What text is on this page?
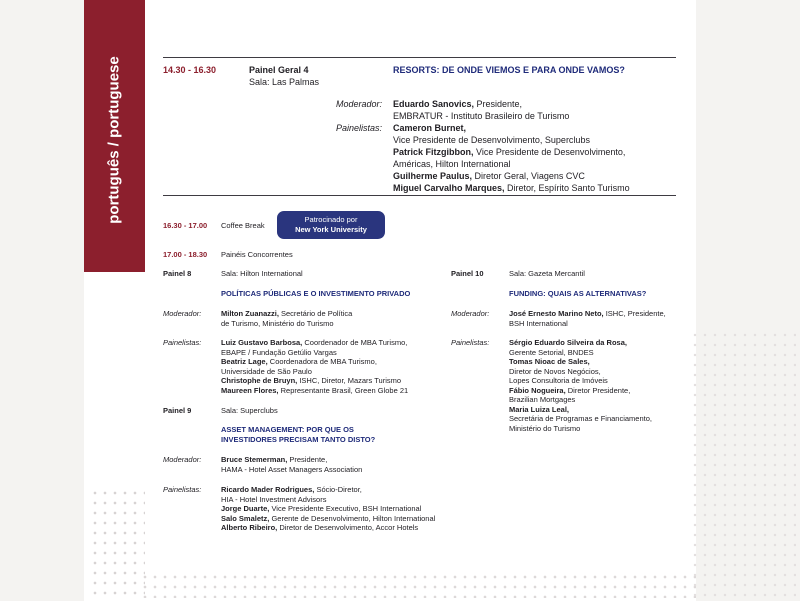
português / portuguese	14.30 - 16.30	Painel Geral 4
Sala: Las Palmas
RESORTS: DE ONDE VIEMOS E PARA ONDE VAMOS?
Moderador: Eduardo Sanovics, Presidente,
EMBRATUR - Instituto Brasileiro de Turismo
Painelistas: Cameron Burnet,
Vice Presidente de Desenvolvimento, Superclubs
Patrick Fitzgibbon, Vice Presidente de Desenvolvimento,
Américas, Hilton International
Guilherme Paulus, Diretor Geral, Viagens CVC
Miguel Carvalho Marques, Diretor, Espírito Santo Turismo
16.30 - 17.00 Coffee Break
Patrocinado por
New York University
17.00 - 18.30 Painéis Concorrentes
Painel 8	Sala: Hilton International
POLÍTICAS PÚBLICAS E O INVESTIMENTO PRIVADO
Moderador:	Milton Zuanazzi, Secretário de Política
de Turismo, Ministério do Turismo
Painelistas:	Luiz Gustavo Barbosa, Coordenador de MBA Turismo,
EBAPE / Fundação Getúlio Vargas
Beatriz Lage, Coordenadora de MBA Turismo,
Universidade de São Paulo
Christophe de Bruyn, ISHC, Diretor, Mazars Turismo
Maureen Flores, Representante Brasil, Green Globe 21
Painel 9	Sala: Superclubs
ASSET MANAGEMENT: POR QUE OS
INVESTIDORES PRECISAM TANTO DISTO?
Moderador:	Bruce Stemerman, Presidente,
HAMA - Hotel Asset Managers Association
Painelistas:	Ricardo Mader Rodrigues, Sócio-Diretor,
HIA - Hotel Investment Advisors
Jorge Duarte, Vice Presidente Executivo, BSH International
Salo Smaletz, Gerente de Desenvolvimento, Hilton International
Alberto Ribeiro, Diretor de Desenvolvimento, Accor Hotels
Painel 10	Sala: Gazeta Mercantil
FUNDING: QUAIS AS ALTERNATIVAS?
Moderador:	José Ernesto Marino Neto, ISHC, Presidente,
BSH International
Painelistas:	Sérgio Eduardo Silveira da Rosa,
Gerente Setorial, BNDES
Tomas Nioac de Sales,
Diretor de Novos Negócios,
Lopes Consultoria de Imóveis
Fábio Nogueira, Diretor Presidente,
Brazilian Mortgages
Maria Luiza Leal,
Secretária de Programas e Financiamento,
Ministério do Turismo
